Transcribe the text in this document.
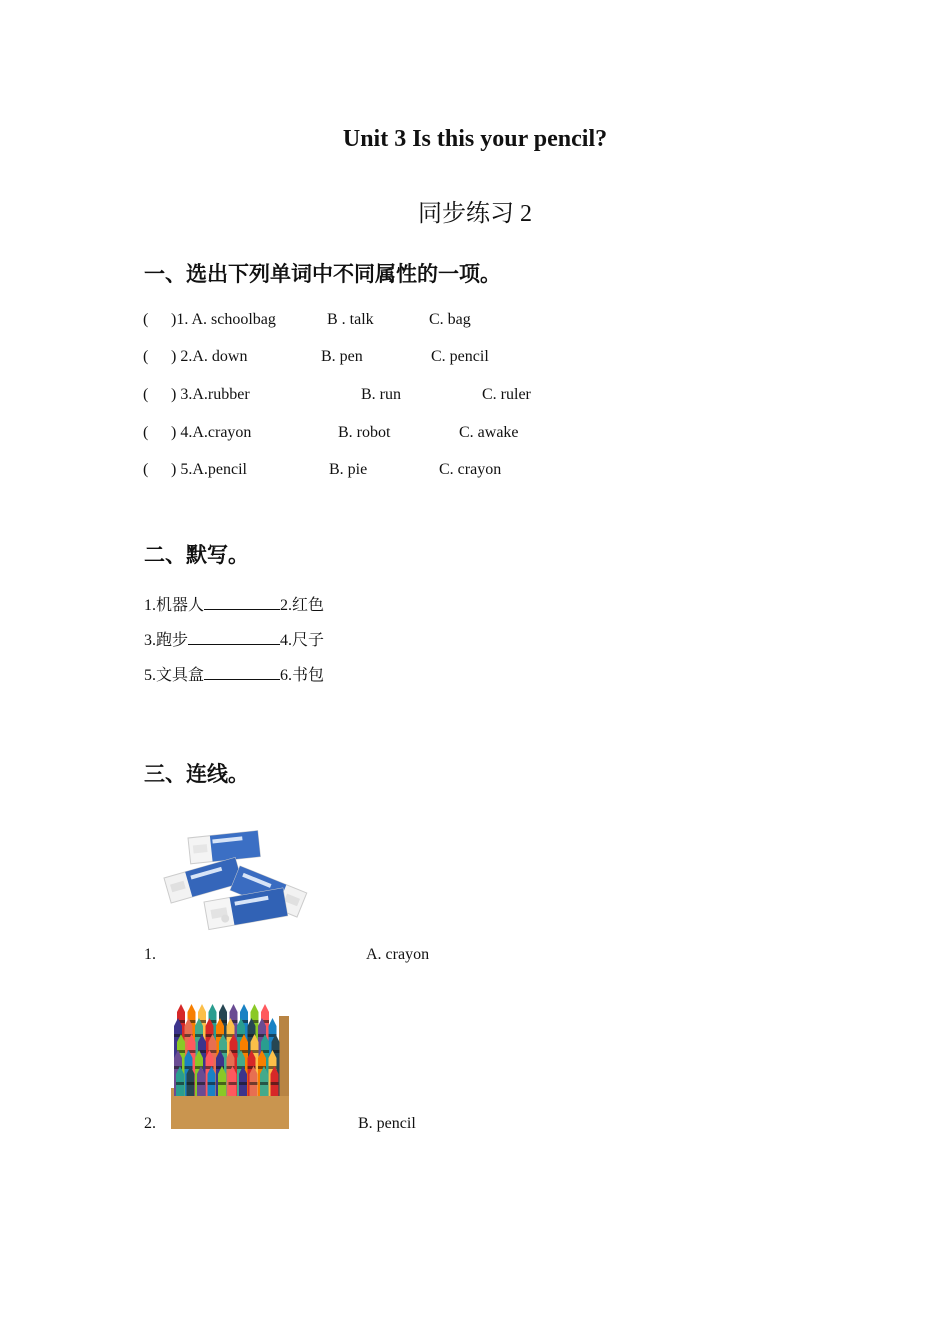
Unit 3 Is this your pencil?
同步练习 2
一、选出下列单词中不同属性的一项。
( )1. A. schoolbag	B . talk	C. bag
( ) 2.A. down	B. pen	C. pencil
( ) 3.A.rubber	B. run	C. ruler
( ) 4.A.crayon	B. robot	C. awake
( ) 5.A.pencil	B. pie	C. crayon
二、默写。
1.机器人	2.红色
3.跑步	4.尺子
5.文具盒	6.书包
三、连线。
1.	A. crayon
2.	B. pencil
